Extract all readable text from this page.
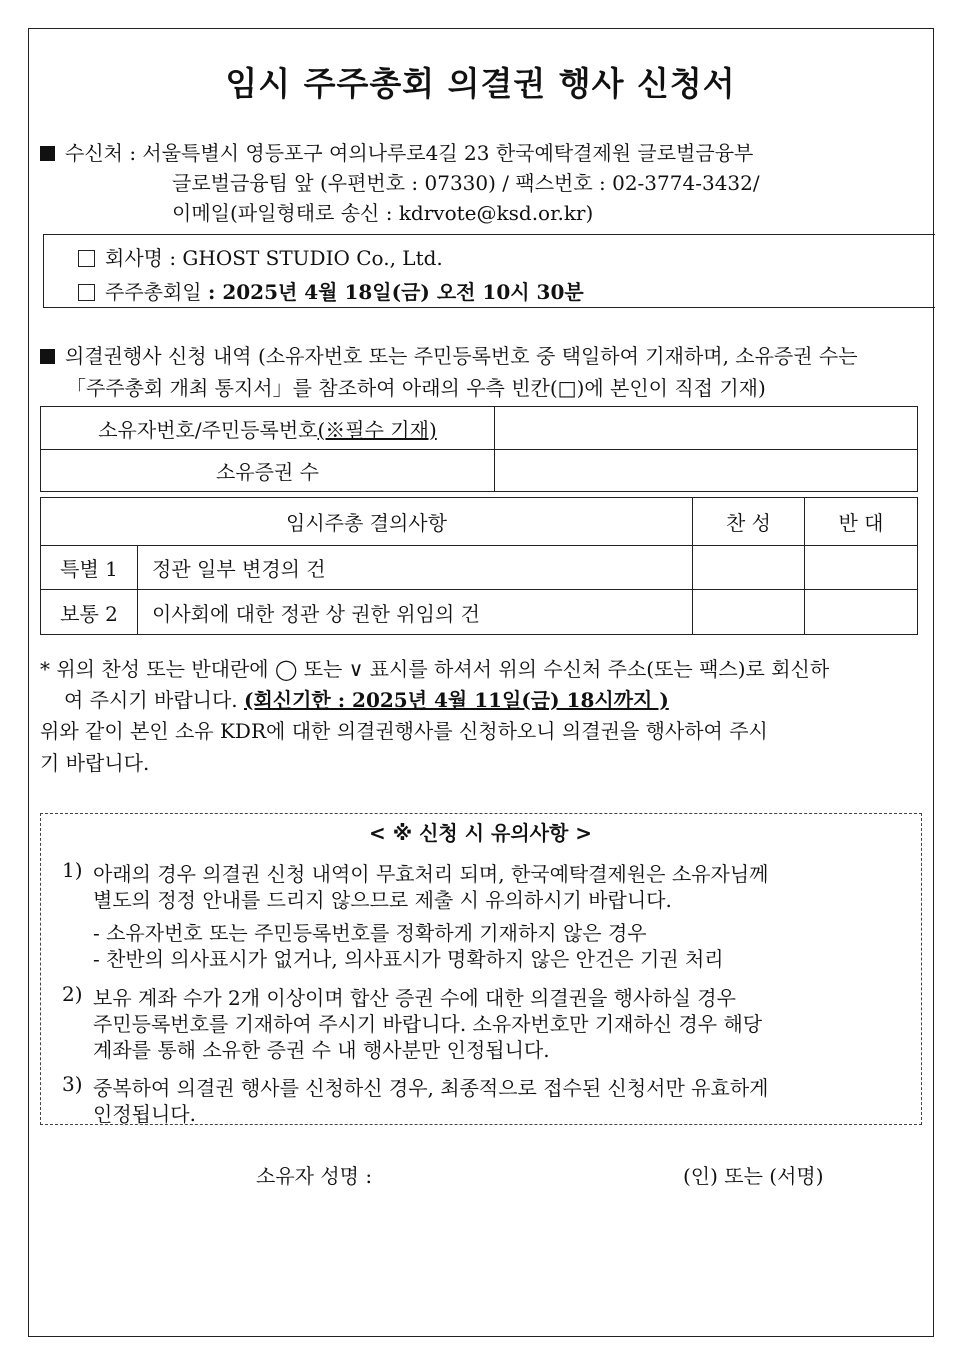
임시 주주총회 의결권 행사 신청서
수신처 : 서울특별시 영등포구 여의나루로4길 23 한국예탁결제원 글로벌금융부
글로벌금융팀 앞 (우편번호 : 07330) / 팩스번호 : 02-3774-3432/
이메일(파일형태로 송신 : kdrvote@ksd.or.kr)
회사명 : GHOST STUDIO Co., Ltd.
주주총회일 : 2025년 4월 18일(금) 오전 10시 30분
의결권행사 신청 내역 (소유자번호 또는 주민등록번호 중 택일하여 기재하며, 소유증권 수는
「주주총회 개최 통지서」를 참조하여 아래의 우측 빈칸(□)에 본인이 직접 기재)
소유자번호/주민등록번호(※필수 기재)	
소유증권 수	
임시주총 결의사항		찬 성	반 대
특별 1	정관 일부 변경의 건		
보통 2	이사회에 대한 정관 상 권한 위임의 건		
* 위의 찬성 또는 반대란에 ◯ 또는 ∨ 표시를 하셔서 위의 수신처 주소(또는 팩스)로 회신하
여 주시기 바랍니다. (회신기한 : 2025년 4월 11일(금) 18시까지 )
위와 같이 본인 소유 KDR에 대한 의결권행사를 신청하오니 의결권을 행사하여 주시
기 바랍니다.
< ※ 신청 시 유의사항 >
1) 아래의 경우 의결권 신청 내역이 무효처리 되며, 한국예탁결제원은 소유자님께
별도의 정정 안내를 드리지 않으므로 제출 시 유의하시기 바랍니다.
- 소유자번호 또는 주민등록번호를 정확하게 기재하지 않은 경우
- 찬반의 의사표시가 없거나, 의사표시가 명확하지 않은 안건은 기권 처리
2) 보유 계좌 수가 2개 이상이며 합산 증권 수에 대한 의결권을 행사하실 경우
주민등록번호를 기재하여 주시기 바랍니다. 소유자번호만 기재하신 경우 해당
계좌를 통해 소유한 증권 수 내 행사분만 인정됩니다.
3) 중복하여 의결권 행사를 신청하신 경우, 최종적으로 접수된 신청서만 유효하게
인정됩니다.
소유자 성명 :	(인) 또는 (서명)
